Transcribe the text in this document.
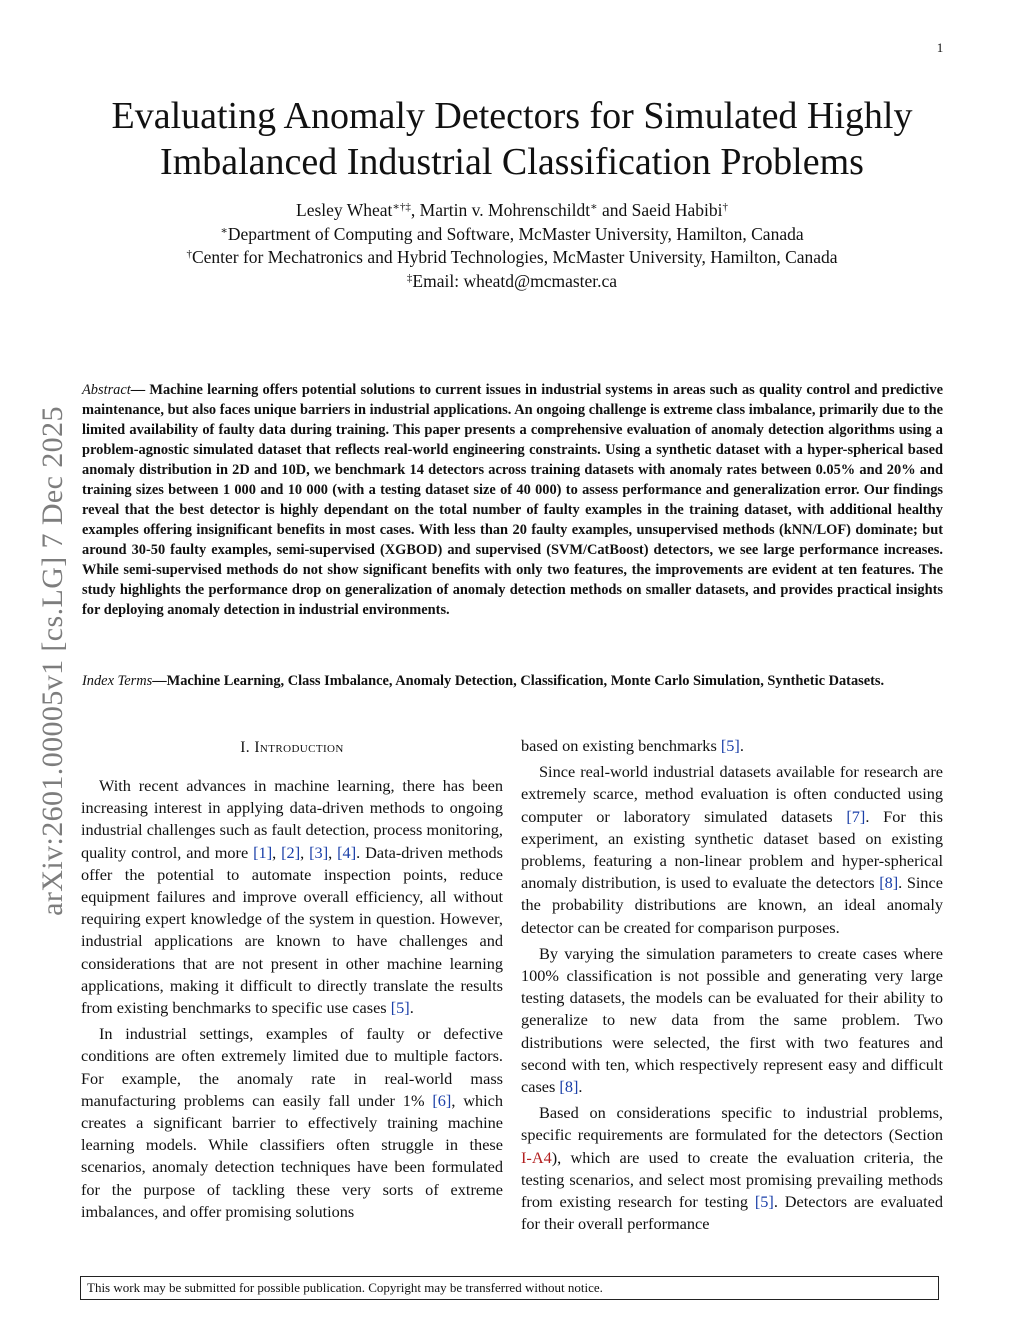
1
arXiv:2601.00005v1 [cs.LG] 7 Dec 2025
Evaluating Anomaly Detectors for Simulated Highly
Imbalanced Industrial Classification Problems
Lesley Wheat∗†‡, Martin v. Mohrenschildt∗ and Saeid Habibi†
∗Department of Computing and Software, McMaster University, Hamilton, Canada
†Center for Mechatronics and Hybrid Technologies, McMaster University, Hamilton, Canada
‡Email: wheatd@mcmaster.ca

Abstract— Machine learning offers potential solutions to current issues in industrial systems in areas such as quality control and predictive maintenance, but also faces unique barriers in industrial applications. An ongoing challenge is extreme class imbalance, primarily due to the limited availability of faulty data during training. This paper presents a comprehensive evaluation of anomaly detection algorithms using a problem-agnostic simulated dataset that reflects real-world engineering constraints. Using a synthetic dataset with a hyper-spherical based anomaly distribution in 2D and 10D, we benchmark 14 detectors across training datasets with anomaly rates between 0.05% and 20% and training sizes between 1 000 and 10 000 (with a testing dataset size of 40 000) to assess performance and generalization error. Our findings reveal that the best detector is highly dependant on the total number of faulty examples in the training dataset, with additional healthy examples offering insignificant benefits in most cases. With less than 20 faulty examples, unsupervised methods (kNN/LOF) dominate; but around 30-50 faulty examples, semi-supervised (XGBOD) and supervised (SVM/CatBoost) detectors, we see large performance increases. While semi-supervised methods do not show significant benefits with only two features, the improvements are evident at ten features. The study highlights the performance drop on generalization of anomaly detection methods on smaller datasets, and provides practical insights for deploying anomaly detection in industrial environments.

Index Terms—Machine Learning, Class Imbalance, Anomaly Detection, Classification, Monte Carlo Simulation, Synthetic Datasets.

I. Introduction

With recent advances in machine learning, there has been increasing interest in applying data-driven methods to ongoing industrial challenges such as fault detection, process monitoring, quality control, and more [1], [2], [3], [4]. Data-driven methods offer the potential to automate inspection points, reduce equipment failures and improve overall efficiency, all without requiring expert knowledge of the system in question. However, industrial applications are known to have challenges and considerations that are not present in other machine learning applications, making it difficult to directly translate the results from existing benchmarks to specific use cases [5].

In industrial settings, examples of faulty or defective conditions are often extremely limited due to multiple factors. For example, the anomaly rate in real-world mass manufacturing problems can easily fall under 1% [6], which creates a significant barrier to effectively training machine learning models. While classifiers often struggle in these scenarios, anomaly detection techniques have been formulated for the purpose of tackling these very sorts of extreme imbalances, and offer promising solutions

based on existing benchmarks [5].

Since real-world industrial datasets available for research are extremely scarce, method evaluation is often conducted using computer or laboratory simulated datasets [7]. For this experiment, an existing synthetic dataset based on existing problems, featuring a non-linear problem and hyper-spherical anomaly distribution, is used to evaluate the detectors [8]. Since the probability distributions are known, an ideal anomaly detector can be created for comparison purposes.

By varying the simulation parameters to create cases where 100% classification is not possible and generating very large testing datasets, the models can be evaluated for their ability to generalize to new data from the same problem. Two distributions were selected, the first with two features and second with ten, which respectively represent easy and difficult cases [8].

Based on considerations specific to industrial problems, specific requirements are formulated for the detectors (Section I-A4), which are used to create the evaluation criteria, the testing scenarios, and select most promising prevailing methods from existing research for testing [5]. Detectors are evaluated for their overall performance

This work may be submitted for possible publication. Copyright may be transferred without notice.
